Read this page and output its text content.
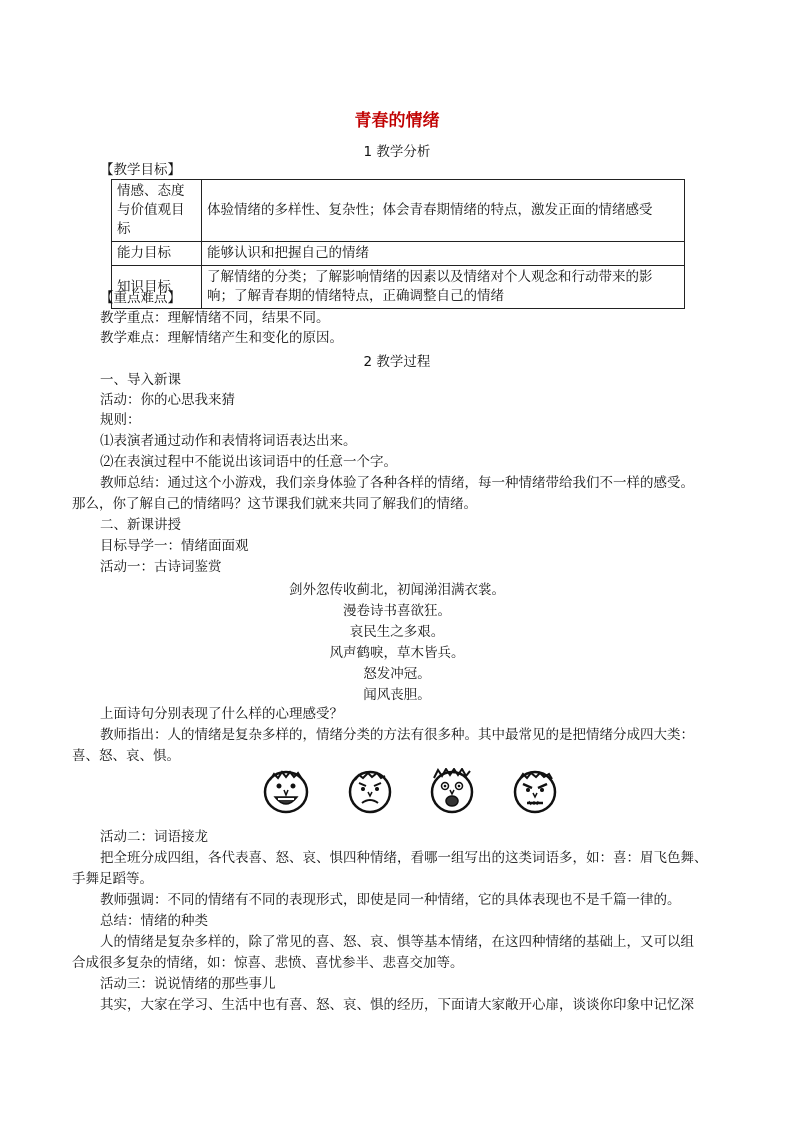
青春的情绪
1 教学分析
【教学目标】
情感、态度与价值观目标	体验情绪的多样性、复杂性；体会青春期情绪的特点，激发正面的情绪感受
能力目标	能够认识和把握自己的情绪
知识目标	了解情绪的分类；了解影响情绪的因素以及情绪对个人观念和行动带来的影响；了解青春期的情绪特点，正确调整自己的情绪
【重点难点】
教学重点：理解情绪不同，结果不同。
教学难点：理解情绪产生和变化的原因。
2 教学过程
一、导入新课
活动：你的心思我来猜
规则：
⑴表演者通过动作和表情将词语表达出来。
⑵在表演过程中不能说出该词语中的任意一个字。
教师总结：通过这个小游戏，我们亲身体验了各种各样的情绪，每一种情绪带给我们不一样的感受。
那么，你了解自己的情绪吗？这节课我们就来共同了解我们的情绪。
二、新课讲授
目标导学一：情绪面面观
活动一：古诗词鉴赏
剑外忽传收蓟北，初闻涕泪满衣裳。
漫卷诗书喜欲狂。
哀民生之多艰。
风声鹤唳，草木皆兵。
怒发冲冠。
闻风丧胆。
上面诗句分别表现了什么样的心理感受？
教师指出：人的情绪是复杂多样的，情绪分类的方法有很多种。其中最常见的是把情绪分成四大类：
喜、怒、哀、惧。
活动二：词语接龙
把全班分成四组，各代表喜、怒、哀、惧四种情绪，看哪一组写出的这类词语多，如：喜：眉飞色舞、
手舞足蹈等。
教师强调：不同的情绪有不同的表现形式，即使是同一种情绪，它的具体表现也不是千篇一律的。
总结：情绪的种类
人的情绪是复杂多样的，除了常见的喜、怒、哀、惧等基本情绪，在这四种情绪的基础上，又可以组
合成很多复杂的情绪，如：惊喜、悲愤、喜忧参半、悲喜交加等。
活动三：说说情绪的那些事儿
其实，大家在学习、生活中也有喜、怒、哀、惧的经历，下面请大家敞开心扉，谈谈你印象中记忆深
